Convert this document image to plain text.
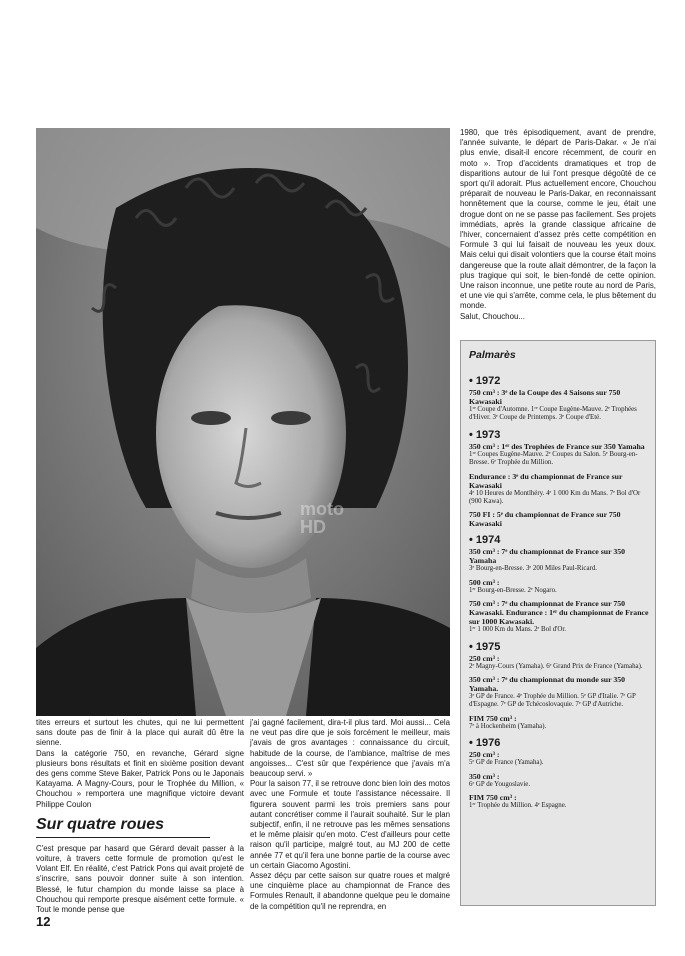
moto
HD

1980, que très épisodiquement, avant de prendre, l'année suivante, le départ de Paris-Dakar. « Je n'ai plus envie, disait-il encore récemment, de courir en moto ». Trop d'accidents dramatiques et trop de disparitions autour de lui l'ont presque dégoûté de ce sport qu'il adorait. Plus actuellement encore, Chouchou préparait de nouveau le Paris-Dakar, en reconnaissant honnêtement que la course, comme le jeu, était une drogue dont on ne se passe pas facilement. Ses projets immédiats, après la grande classique africaine de l'hiver, concernaient d'assez près cette compétition en Formule 3 qui lui faisait de nouveau les yeux doux. Mais celui qui disait volontiers que la course était moins dangereuse que la route allait démontrer, de la façon la plus tragique qui soit, le bien-fondé de cette opinion. Une raison inconnue, une petite route au nord de Paris, et une vie qui s'arrête, comme cela, le plus bêtement du monde.

Salut, Chouchou...

tites erreurs et surtout les chutes, qui ne lui permettent sans doute pas de finir à la place qui aurait dû être la sienne.

Dans la catégorie 750, en revanche, Gérard signe plusieurs bons résultats et finit en sixième position devant des gens comme Steve Baker, Patrick Pons ou le Japonais Katayama. A Magny-Cours, pour le Trophée du Million, « Chouchou » remportera une magnifique victoire devant Philippe Coulon

Sur quatre roues

C'est presque par hasard que Gérard devait passer à la voiture, à travers cette formule de promotion qu'est le Volant Elf. En réalité, c'est Patrick Pons qui avait projeté de s'inscrire, sans pouvoir donner suite à son intention. Blessé, le futur champion du monde laisse sa place à Chouchou qui remporte presque aisément cette formule. « Tout le monde pense que

j'ai gagné facilement, dira-t-il plus tard. Moi aussi... Cela ne veut pas dire que je sois forcément le meilleur, mais j'avais de gros avantages : connaissance du circuit, habitude de la course, de l'ambiance, maîtrise de mes angoisses... C'est sûr que l'expérience que j'avais m'a beaucoup servi. »

Pour la saison 77, il se retrouve donc bien loin des motos avec une Formule et toute l'assistance nécessaire. Il figurera souvent parmi les trois premiers sans pour autant concrétiser comme il l'aurait souhaité. Sur le plan subjectif, enfin, il ne retrouve pas les mêmes sensations et le même plaisir qu'en moto. C'est d'ailleurs pour cette raison qu'il participe, malgré tout, au MJ 200 de cette année 77 et qu'il fera une bonne partie de la course avec un certain Giacomo Agostini.

Assez déçu par cette saison sur quatre roues et malgré une cinquième place au championnat de France des Formules Renault, il abandonne quelque peu le domaine de la compétition qu'il ne reprendra, en

12
Palmarès
• 1972
750 cm³ : 3ᵉ de la Coupe des 4 Saisons sur 750 Kawasaki
1ʳᵉ Coupe d'Automne. 1ʳᵉ Coupe Eugène-Mauve. 2ᵉ Trophées d'Hiver. 3ᵉ Coupe de Printemps. 3ᵉ Coupe d'Eté.
• 1973
350 cm³ : 1ᵉʳ des Trophées de France sur 350 Yamaha
1ʳᵉ Coupes Eugène-Mauve. 2ᵉ Coupes du Salon. 5ᵉ Bourg-en-Bresse. 6ᵉ Trophée du Million.
Endurance : 3ᵉ du championnat de France sur Kawasaki
4ᵉ 10 Heures de Montlhéry. 4ᵉ 1 000 Km du Mans. 7ᵉ Bol d'Or (900 Kawa).
750 FI : 5ᵉ du championnat de France sur 750 Kawasaki
• 1974
350 cm³ : 7ᵉ du championnat de France sur 350 Yamaha
3ᵉ Bourg-en-Bresse. 3ᵉ 200 Miles Paul-Ricard.
500 cm³ :
1ᵉʳ Bourg-en-Bresse. 2ᵉ Nogaro.
750 cm³ : 7ᵉ du championnat de France sur 750 Kawasaki. Endurance : 1ᵉʳ du championnat de France sur 1000 Kawasaki.
1ᵉʳ 1 000 Km du Mans. 2ᵉ Bol d'Or.
• 1975
250 cm³ :
2ᵉ Magny-Cours (Yamaha). 6ᵉ Grand Prix de France (Yamaha).
350 cm³ : 7ᵉ du championnat du monde sur 350 Yamaha.
3ᵉ GP de France. 4ᵉ Trophée du Million. 5ᵉ GP d'Italie. 7ᵉ GP d'Espagne. 7ᵉ GP de Tchécoslovaquie. 7ᵉ GP d'Autriche.
FIM 750 cm³ :
7ᵉ à Hockenheim (Yamaha).
• 1976
250 cm³ :
5ᵉ GP de France (Yamaha).
350 cm³ :
6ᵉ GP de Yougoslavie.
FIM 750 cm³ :
1ᵉʳ Trophée du Million. 4ᵉ Espagne.
